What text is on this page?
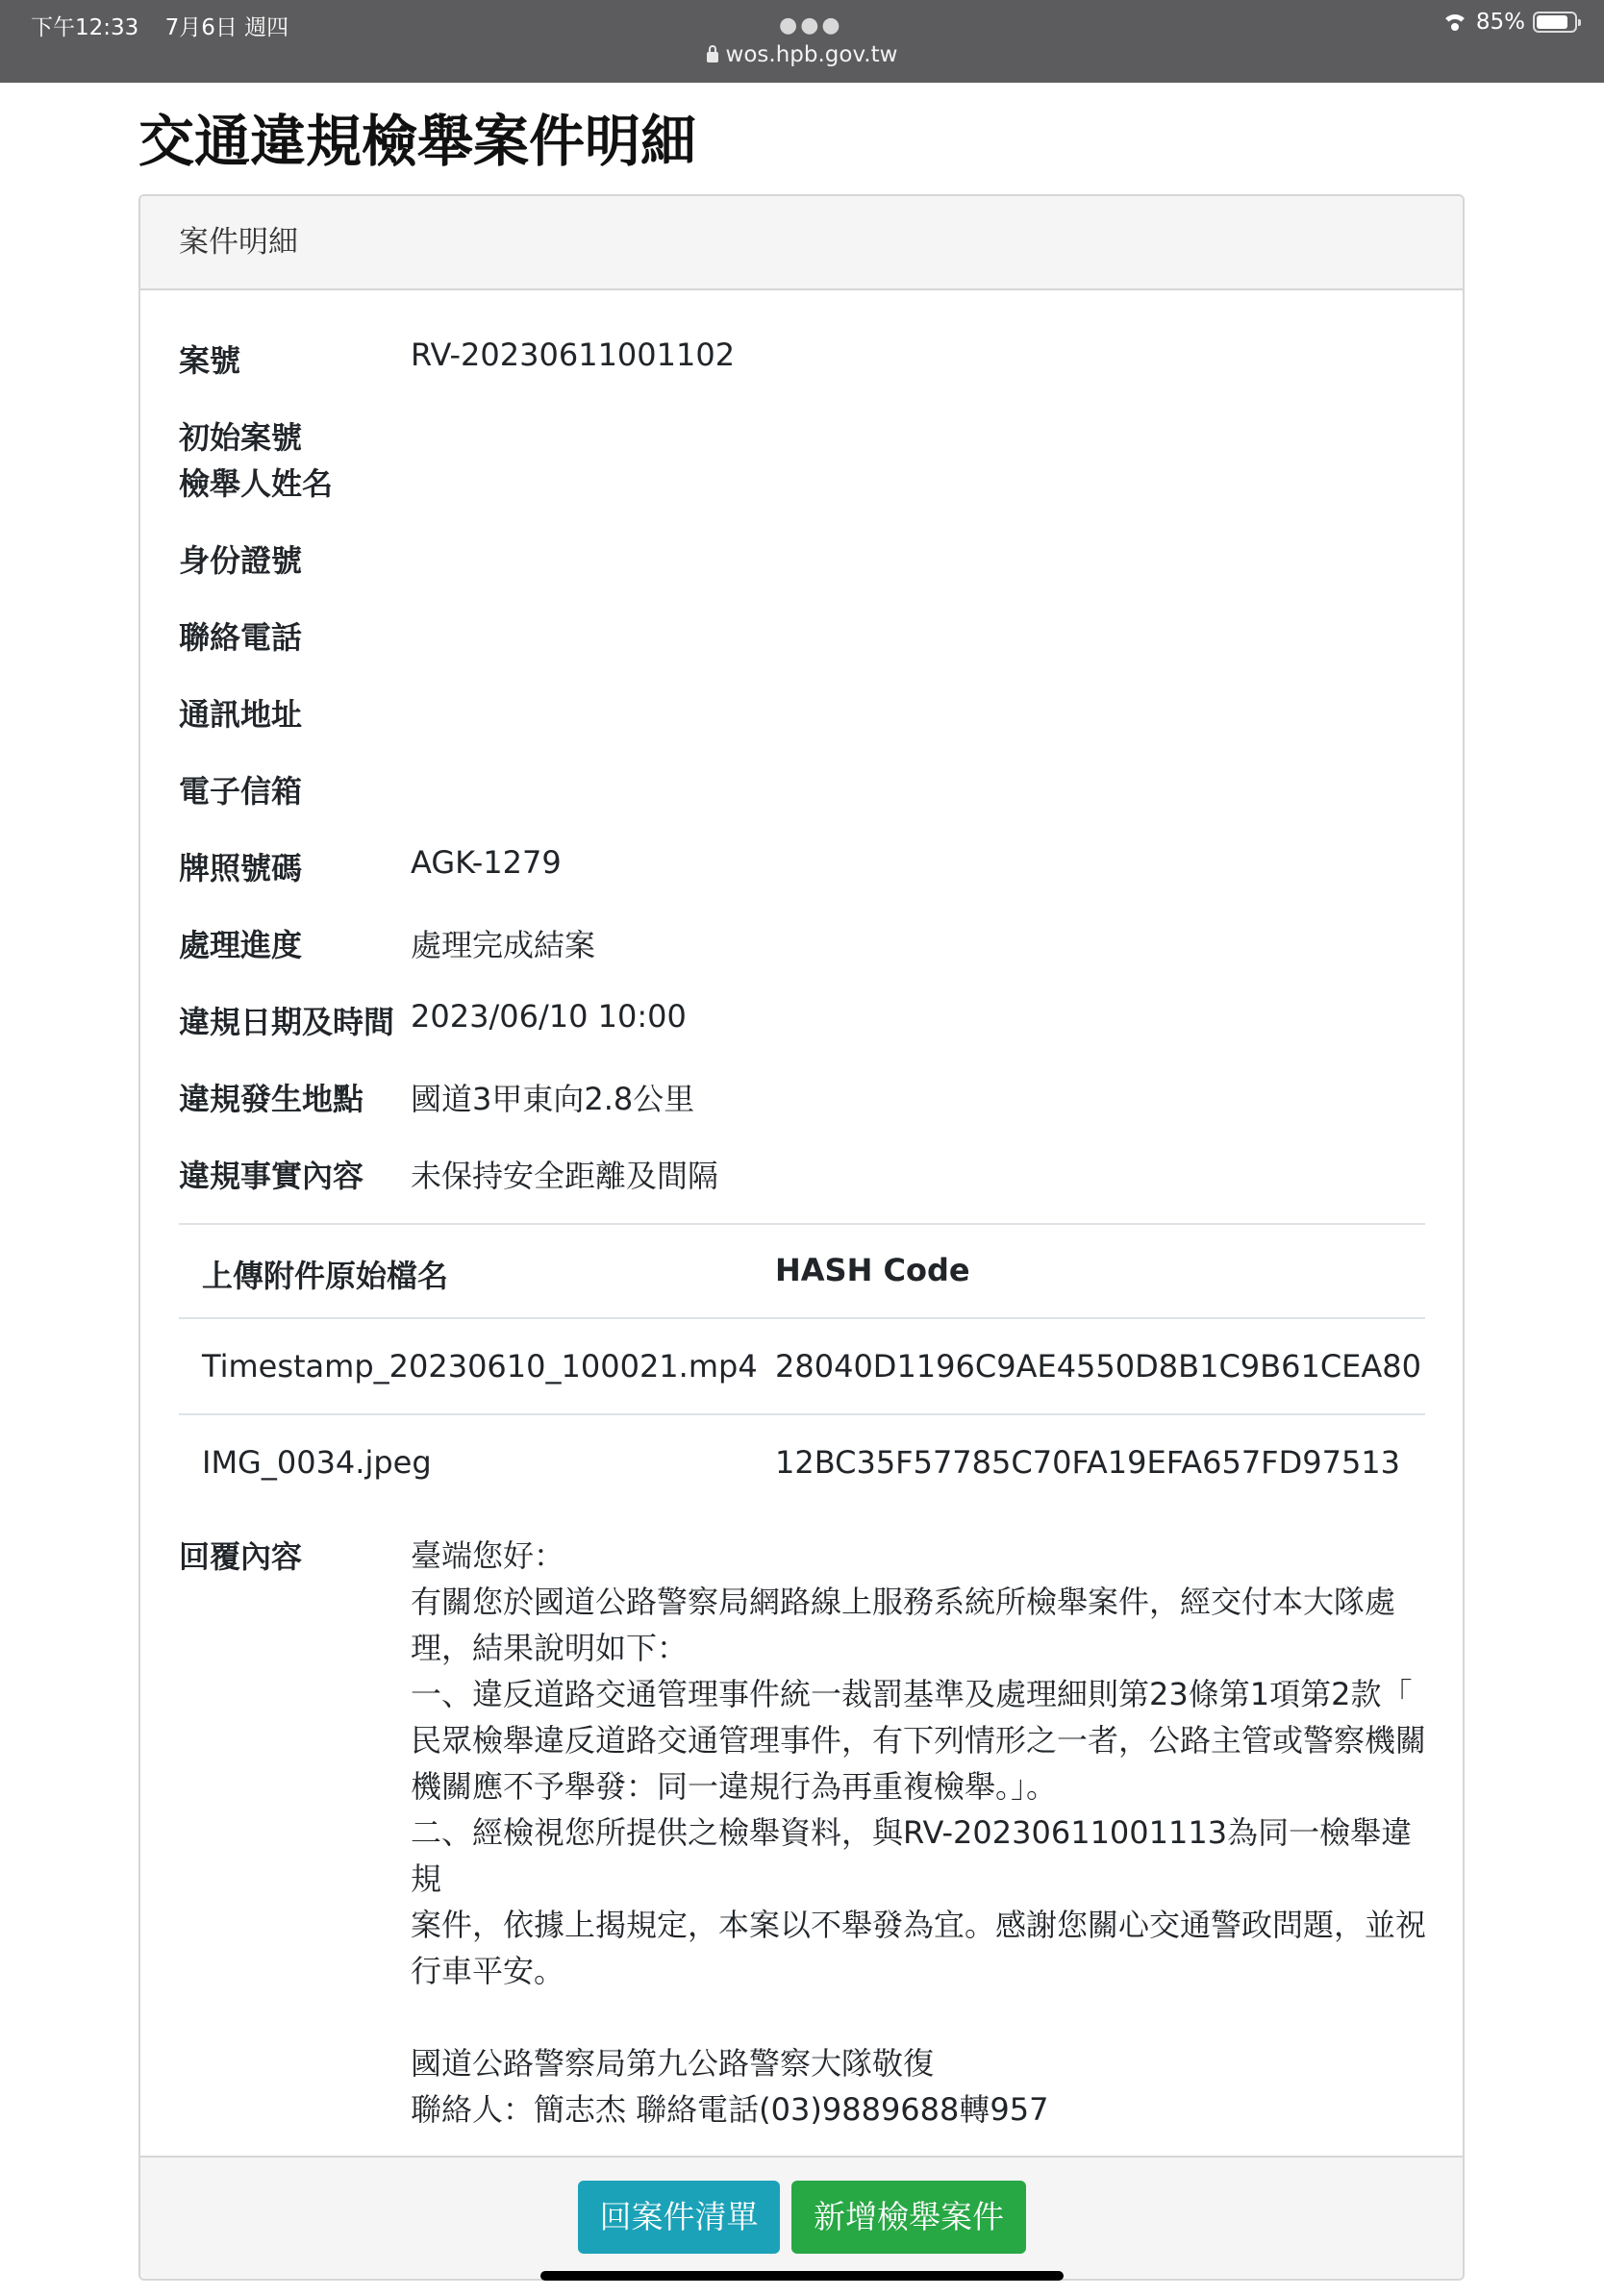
下午12:33 7月6日 週四	●●●
wos.hpb.gov.tw
85%
交通違規檢舉案件明細
案件明細
案號	RV-20230611001102
初始案號
檢舉人姓名
身份證號
聯絡電話
通訊地址
電子信箱
牌照號碼	AGK-1279
處理進度	處理完成結案
違規日期及時間 2023/06/10 10:00
違規發生地點 國道3甲東向2.8公里
違規事實內容 未保持安全距離及間隔
上傳附件原始檔名	HASH Code
Timestamp_20230610_100021.mp4 28040D1196C9AE4550D8B1C9B61CEA80
IMG_0034.jpeg	12BC35F57785C70FA19EFA657FD97513
回覆內容	臺端您好：

有關您於國道公路警察局網路線上服務系統所檢舉案件，經交付本大隊處

理，結果說明如下：

一、違反道路交通管理事件統一裁罰基準及處理細則第23條第1項第2款「

民眾檢舉違反道路交通管理事件，有下列情形之一者，公路主管或警察機關

機關應不予舉發：同一違規行為再重複檢舉。」。

二、經檢視您所提供之檢舉資料，與RV-20230611001113為同一檢舉違規

案件，依據上揭規定，本案以不舉發為宜。感謝您關心交通警政問題，並祝

行車平安。

國道公路警察局第九公路警察大隊敬復

聯絡人：簡志杰 聯絡電話(03)9889688轉957

回案件清單	新增檢舉案件
